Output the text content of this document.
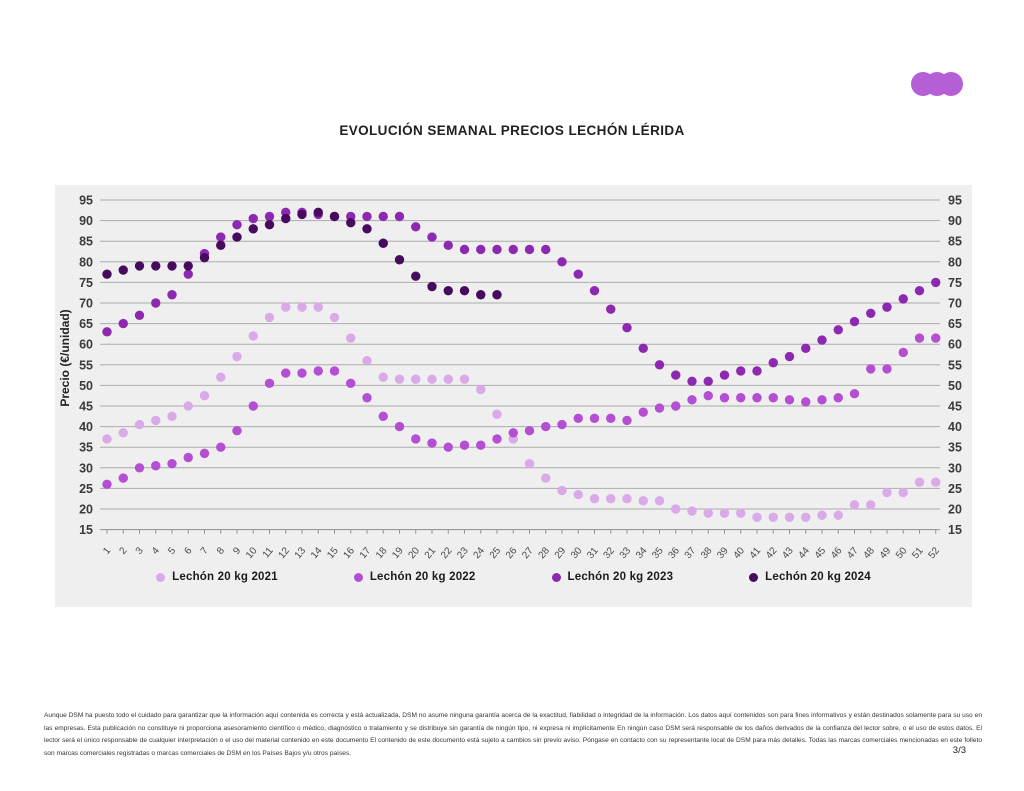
EVOLUCIÓN SEMANAL PRECIOS LECHÓN LÉRIDA
Precio (€/unidad)
15	15
20	20
25	25
30	30
35	35
40	40
45	45
50	50
55	55
60	60
65	65
70	70
75	75
80	80
85	85
90	90
95	95
1 2 3 4 5 6 7 8 9 10 11 12 13 14 15 16 17 18 19 20 21 22 23 24 25 26 27 28 29 30 31 32 33 34 35 36 37 38 39 40 41 42 43 44 45 46 47 48 49 50 51 52
Lechón 20 kg 2021	Lechón 20 kg 2022	Lechón 20 kg 2023	Lechón 20 kg 2024
Aunque DSM ha puesto todo el cuidado para garantizar que la información aquí contenida es correcta y está actualizada, DSM no asume ninguna garantía acerca de la exactitud, fiabilidad o integridad de la información. Los datos aquí contenidos son para fines informativos y están destinados solamente para su uso en las empresas. Esta publicación no constituye ni proporciona asesoramiento científico o médico, diagnóstico o tratamiento y se distribuye sin garantía de ningún tipo, ni expresa ni implícitamente En ningún caso DSM será responsable de los daños derivados de la confianza del lector sobre, o el uso de estos datos. El lector será el único responsable de cualquier interpretación o el uso del material contenido en este documento El contenido de este documento está sujeto a cambios sin previo aviso. Póngase en contacto con su representante local de DSM para más detalles. Todas las marcas comerciales mencionadas en este folleto son marcas comerciales registradas o marcas comerciales de DSM en los Países Bajos y/u otros países.	3/3
